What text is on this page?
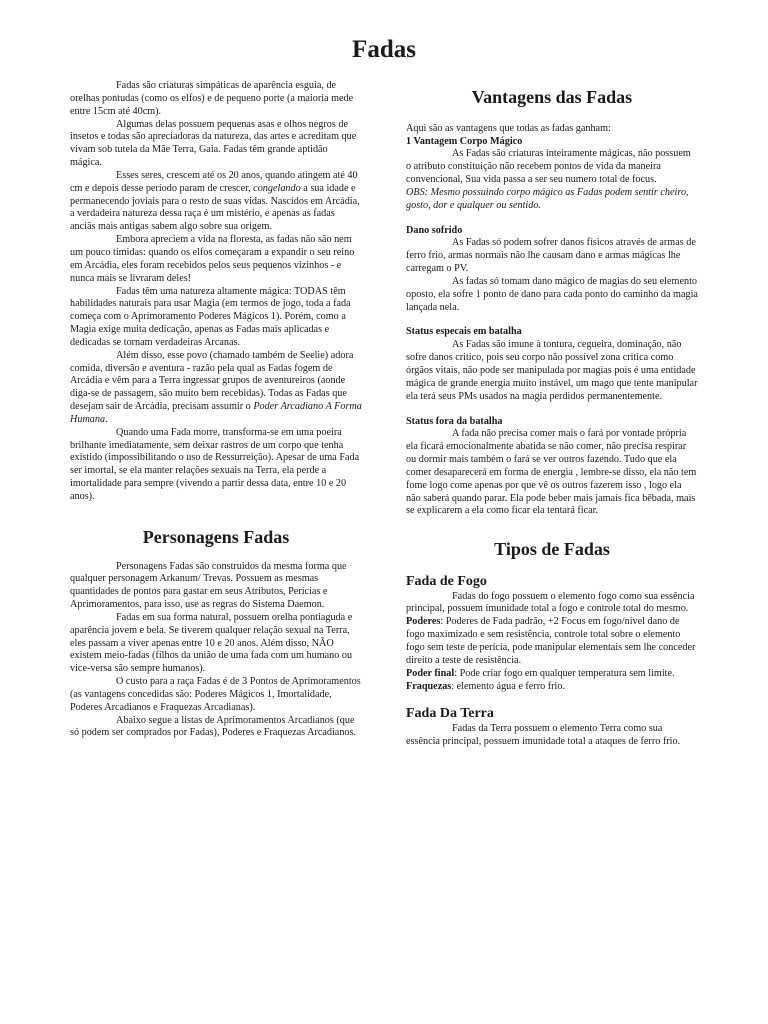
Fadas

Fadas são criaturas simpáticas de aparência esguia, de orelhas pontudas (como os elfos) e de pequeno porte (a maioria mede entre 15cm até 40cm).

Algumas delas possuem pequenas asas e olhos negros de insetos e todas são apreciadoras da natureza, das artes e acreditam que vivam sob tutela da Mãe Terra, Gaia. Fadas têm grande aptidão mágica.

Esses seres, crescem até os 20 anos, quando atingem até 40 cm e depois desse período param de crescer, congelando a sua idade e permanecendo joviais para o resto de suas vidas. Nascidos em Arcádia, a verdadeira natureza dessa raça é um mistério, e apenas as fadas anciãs mais antigas sabem algo sobre sua origem.

Embora apreciem a vida na floresta, as fadas não são nem um pouco tímidas: quando os elfos começaram a expandir o seu reino em Arcádia, eles foram recebidos pelos seus pequenos vizinhos - e nunca mais se livraram deles!

Fadas têm uma natureza altamente mágica: TODAS têm habilidades naturais para usar Magia (em termos de jogo, toda a fada começa com o Aprimoramento Poderes Mágicos 1). Porém, como a Magia exige muita dedicação, apenas as Fadas mais aplicadas e dedicadas se tornam verdadeiras Arcanas.

Além disso, esse povo (chamado também de Seelie) adora comida, diversão e aventura - razão pela qual as Fadas fogem de Arcádia e vêm para a Terra ingressar grupos de aventureiros (aonde diga-se de passagem, são muito bem recebidas). Todas as Fadas que desejam sair de Arcádia, precisam assumir o Poder Arcadiano A Forma Humana.

Quando uma Fada morre, transforma-se em uma poeira brilhante imediatamente, sem deixar rastros de um corpo que tenha existido (impossibilitando o uso de Ressurreição). Apesar de uma Fada ser imortal, se ela manter relações sexuais na Terra, ela perde a imortalidade para sempre (vivendo a partir dessa data, entre 10 e 20 anos).

Personagens Fadas

Personagens Fadas são construidos da mesma forma que qualquer personagem Arkanum/ Trevas. Possuem as mesmas quantidades de pontos para gastar em seus Atributos, Perícias e Aprimoramentos, para isso, use as regras do Sistema Daemon.

Fadas em sua forma natural, possuem orelha pontiaguda e aparência jovem e bela. Se tiverem qualquer relação sexual na Terra, eles passam a viver apenas entre 10 e 20 anos. Além disso, NÃO existem meio-fadas (filhos da união de uma fada com um humano ou vice-versa são sempre humanos).

O custo para a raça Fadas é de 3 Pontos de Aprimoramentos (as vantagens concedidas são: Poderes Mágicos 1, Imortalidade, Poderes Arcadianos e Fraquezas Arcadianas).

Abaixo segue a listas de Aprimoramentos Arcadianos (que só podem ser comprados por Fadas), Poderes e Fraquezas Arcadianos.

Vantagens das Fadas

Aqui são as vantagens que todas as fadas ganham:

1 Vantagem Corpo Mágico

As Fadas são criaturas inteiramente mágicas, não possuem o atributo constituição não recebem pontos de vida da maneira convencional, Sua vida passa a ser seu numero total de focus.

OBS: Mesmo possuindo corpo mágico as Fadas podem sentir cheiro, gosto, dor e qualquer ou sentido.

Dano sofrido

As Fadas só podem sofrer danos físicos através de armas de ferro frio, armas normais não lhe causam dano e armas mágicas lhe carregam o PV.

As fadas só tomam dano mágico de magias do seu elemento oposto, ela sofre 1 ponto de dano para cada ponto do caminho da magia lançada nela.

Status especais em batalha

As Fadas são imune à tontura, cegueira, dominação, não sofre danos critico, pois seu corpo não possível zona critica como órgãos vitais, não pode ser manipulada por magias pois é uma entidade mágica de grande energia muito instável, um mago que tente manipular ela terá seus PMs usados na magia perdidos permanentemente.

Status fora da batalha

A fada não precisa comer mais o fará por vontade própria ela ficará emocionalmente abatida se não comer, não precisa respirar ou dormir mais também o fará se ver outros fazendo. Tudo que ela comer desaparecerá em forma de energia , lembre-se disso, ela não tem fome logo come apenas por que vê os outros fazerem isso , logo ela não saberá quando parar. Ela pode beber mais jamais fica bêbada, mais se explicarem a ela como ficar ela tentará ficar.

Tipos de Fadas

Fada de Fogo

Fadas do fogo possuem o elemento fogo como sua essência principal, possuem imunidade total a fogo e controle total do mesmo.

Poderes: Poderes de Fada padrão, +2 Focus em fogo/nível dano de fogo maximizado e sem resistência, controle total sobre o elemento fogo sem teste de perícia, pode manipular elementais sem lhe conceder direito a teste de resistência.

Poder final: Pode criar fogo em qualquer temperatura sem limite.

Fraquezas: elemento água e ferro frio.

Fada Da Terra

Fadas da Terra possuem o elemento Terra como sua essência principal, possuem imunidade total a ataques de ferro frio.
